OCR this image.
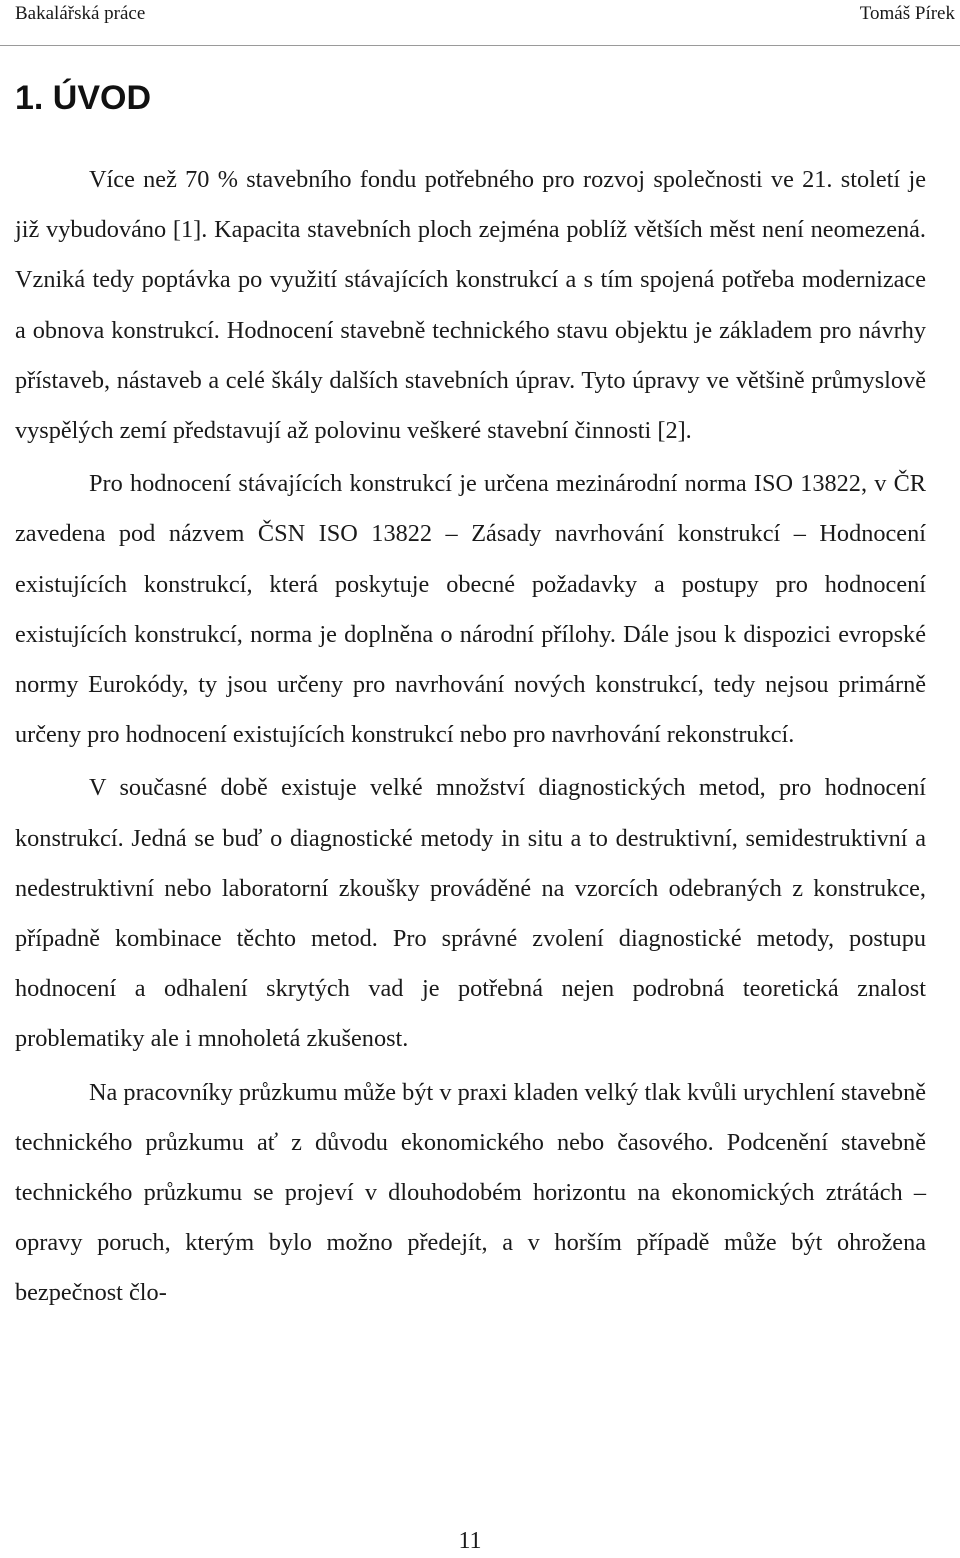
Bakalářská práce	Tomáš Pírek
1. ÚVOD

Více než 70 % stavebního fondu potřebného pro rozvoj společnosti ve 21. století je již vybudováno [1]. Kapacita stavebních ploch zejména poblíž větších měst není neomezená. Vzniká tedy poptávka po využití stávajících konstrukcí a s tím spojená potřeba modernizace a obnova konstrukcí. Hodnocení stavebně technického stavu objektu je základem pro návrhy přístaveb, nástaveb a celé škály dalších stavebních úprav. Tyto úpravy ve většině průmyslově vyspělých zemí představují až polovinu veškeré stavební činnosti [2].

Pro hodnocení stávajících konstrukcí je určena mezinárodní norma ISO 13822, v ČR zavedena pod názvem ČSN ISO 13822 – Zásady navrhování konstrukcí – Hodnocení existujících konstrukcí, která poskytuje obecné požadavky a postupy pro hodnocení existujících konstrukcí, norma je doplněna o národní přílohy. Dále jsou k dispozici evropské normy Eurokódy, ty jsou určeny pro navrhování nových konstrukcí, tedy nejsou primárně určeny pro hodnocení existujících konstrukcí nebo pro navrhování rekonstrukcí.

V současné době existuje velké množství diagnostických metod, pro hodnocení konstrukcí. Jedná se buď o diagnostické metody in situ a to destruktivní, semidestruktivní a nedestruktivní nebo laboratorní zkoušky prováděné na vzorcích odebraných z konstrukce, případně kombinace těchto metod. Pro správné zvolení diagnostické metody, postupu hodnocení a odhalení skrytých vad je potřebná nejen podrobná teoretická znalost problematiky ale i mnoholetá zkušenost.

Na pracovníky průzkumu může být v praxi kladen velký tlak kvůli urychlení stavebně technického průzkumu ať z důvodu ekonomického nebo časového. Podcenění stavebně technického průzkumu se projeví v dlouhodobém horizontu na ekonomických ztrátách – opravy poruch, kterým bylo možno předejít, a v horším případě může být ohrožena bezpečnost člo-

11
